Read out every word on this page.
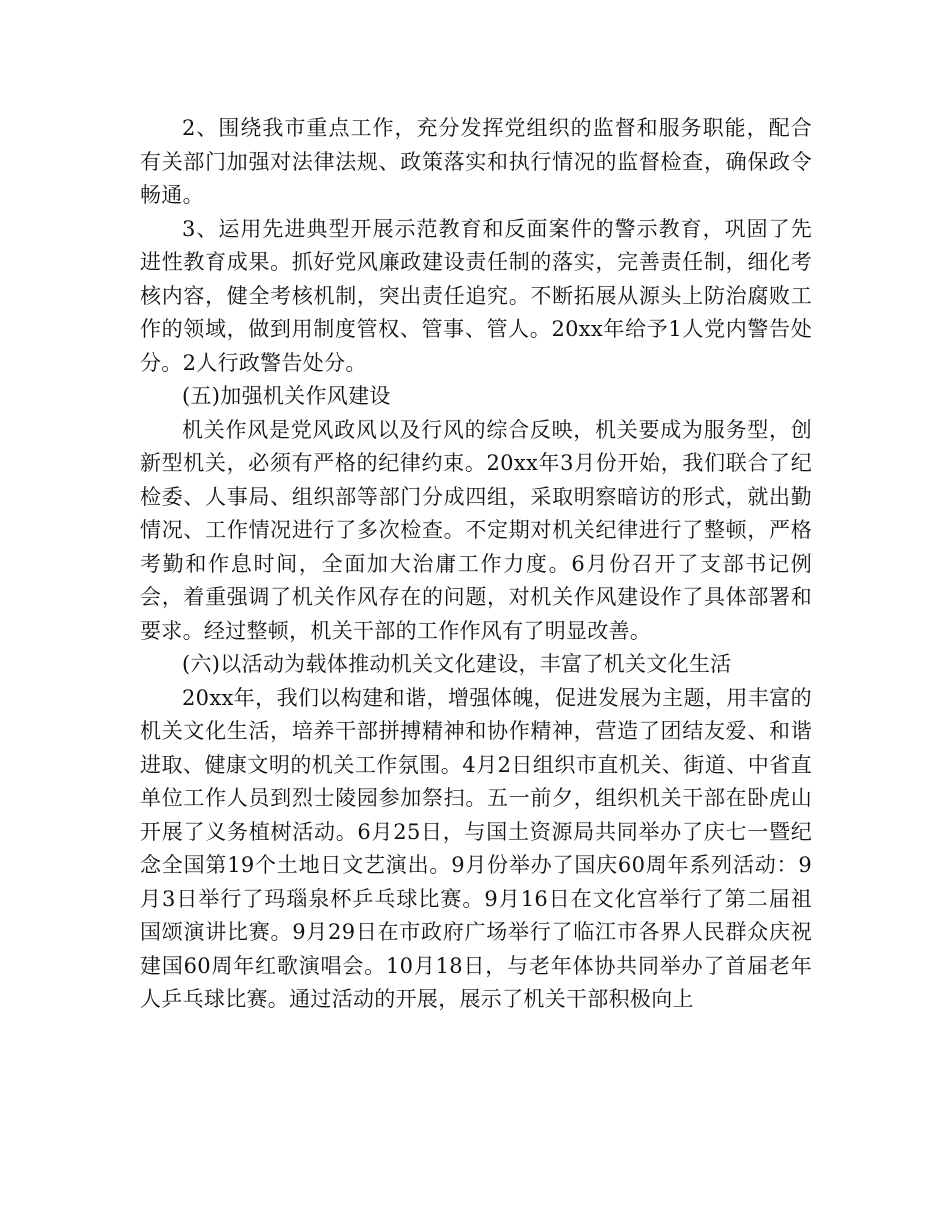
2、围绕我市重点工作，充分发挥党组织的监督和服务职能，配合有关部门加强对法律法规、政策落实和执行情况的监督检查，确保政令畅通。

3、运用先进典型开展示范教育和反面案件的警示教育，巩固了先进性教育成果。抓好党风廉政建设责任制的落实，完善责任制，细化考核内容，健全考核机制，突出责任追究。不断拓展从源头上防治腐败工作的领域，做到用制度管权、管事、管人。20xx年给予1人党内警告处分。2人行政警告处分。

(五)加强机关作风建设

机关作风是党风政风以及行风的综合反映，机关要成为服务型，创新型机关，必须有严格的纪律约束。20xx年3月份开始，我们联合了纪检委、人事局、组织部等部门分成四组，采取明察暗访的形式，就出勤情况、工作情况进行了多次检查。不定期对机关纪律进行了整顿，严格考勤和作息时间，全面加大治庸工作力度。6月份召开了支部书记例会，着重强调了机关作风存在的问题，对机关作风建设作了具体部署和要求。经过整顿，机关干部的工作作风有了明显改善。

(六)以活动为载体推动机关文化建设，丰富了机关文化生活

20xx年，我们以构建和谐，增强体魄，促进发展为主题，用丰富的机关文化生活，培养干部拼搏精神和协作精神，营造了团结友爱、和谐进取、健康文明的机关工作氛围。4月2日组织市直机关、街道、中省直单位工作人员到烈士陵园参加祭扫。五一前夕，组织机关干部在卧虎山开展了义务植树活动。6月25日，与国土资源局共同举办了庆七一暨纪念全国第19个土地日文艺演出。9月份举办了国庆60周年系列活动：9月3日举行了玛瑙泉杯乒乓球比赛。9月16日在文化宫举行了第二届祖国颂演讲比赛。9月29日在市政府广场举行了临江市各界人民群众庆祝建国60周年红歌演唱会。10月18日，与老年体协共同举办了首届老年人乒乓球比赛。通过活动的开展，展示了机关干部积极向上
